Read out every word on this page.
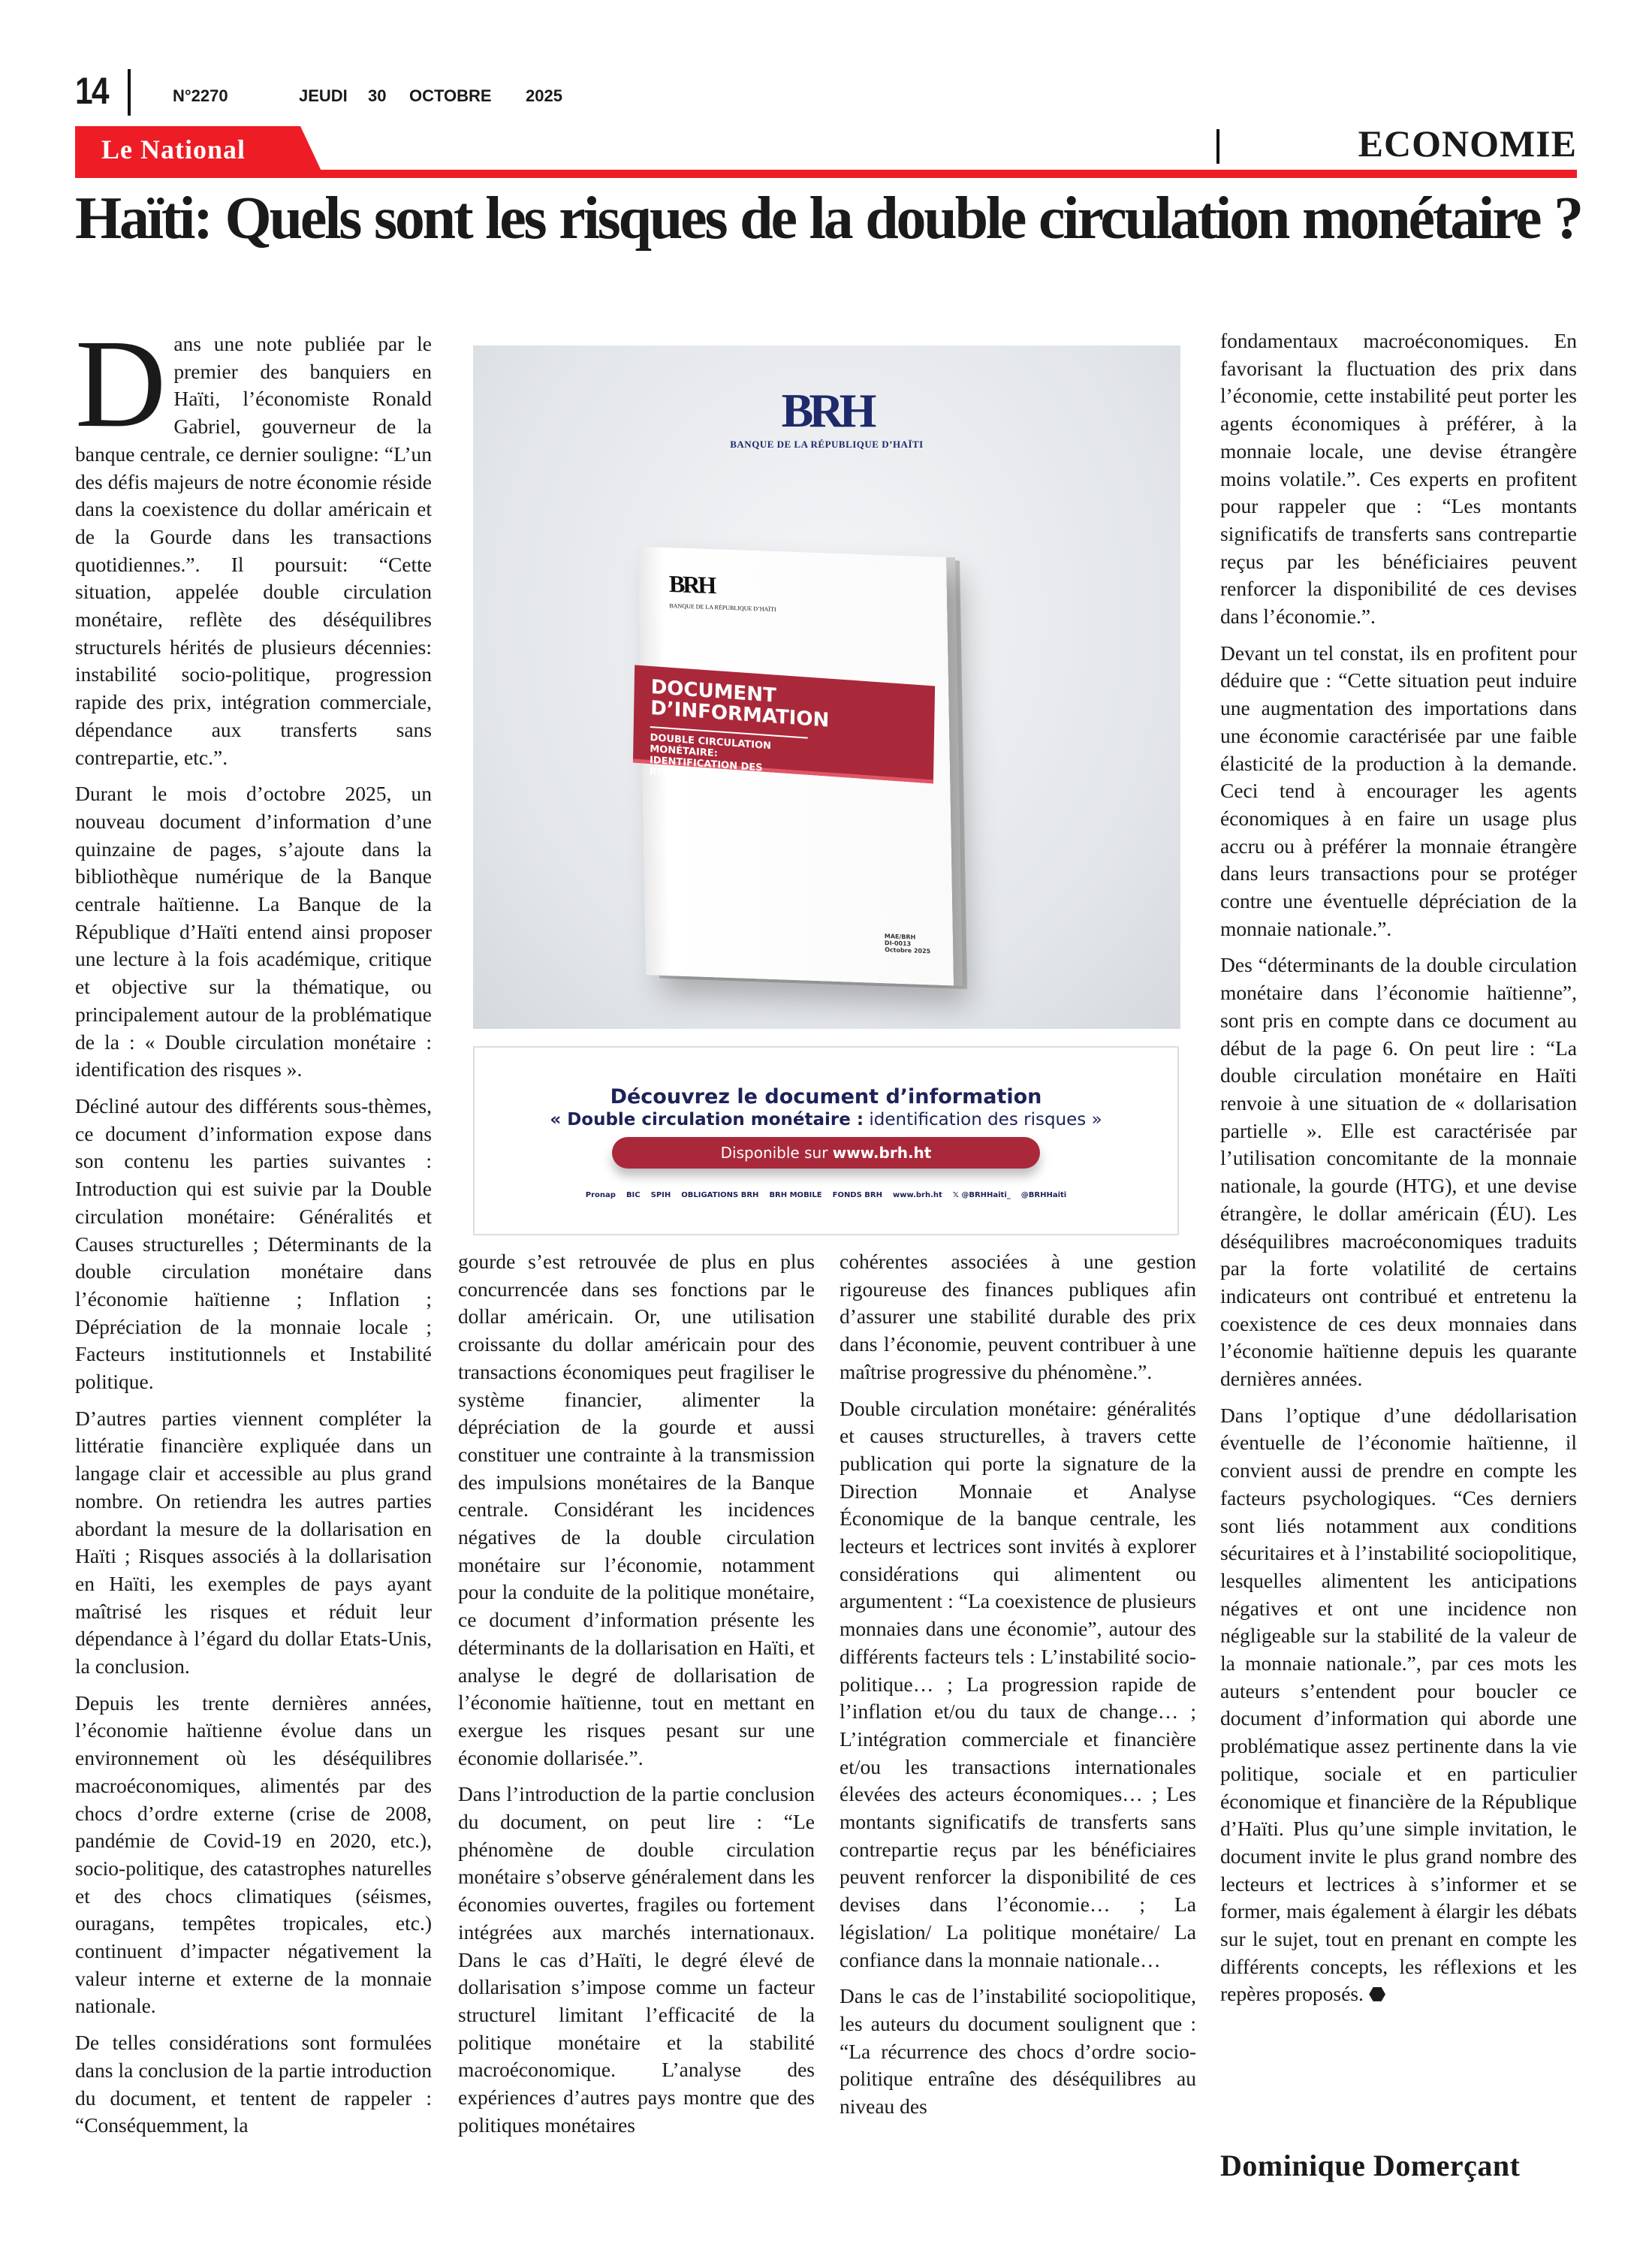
14	N°2270	JEUDI 30 OCTOBRE 2025
Le National	ECONOMIE
Haïti: Quels sont les risques de la double circulation monétaire ?

Dans une note publiée par le premier des banquiers en Haïti, l’économiste Ronald Gabriel, gouverneur de la banque centrale, ce dernier souligne: “L’un des défis majeurs de notre économie réside dans la coexistence du dollar américain et de la Gourde dans les transactions quotidiennes.”. Il poursuit: “Cette situation, appelée double circulation monétaire, reflète des déséquilibres structurels hérités de plusieurs décennies: instabilité socio-politique, progression rapide des prix, intégration commerciale, dépendance aux transferts sans contrepartie, etc.”.

Durant le mois d’octobre 2025, un nouveau document d’information d’une quinzaine de pages, s’ajoute dans la bibliothèque numérique de la Banque centrale haïtienne. La Banque de la République d’Haïti entend ainsi proposer une lecture à la fois académique, critique et objective sur la thématique, ou principalement autour de la problématique de la : « Double circulation monétaire : identification des risques ».

Décliné autour des différents sous-thèmes, ce document d’information expose dans son contenu les parties suivantes : Introduction qui est suivie par la Double circulation monétaire: Généralités et Causes structurelles ; Déterminants de la double circulation monétaire dans l’économie haïtienne ; Inflation ; Dépréciation de la monnaie locale ; Facteurs institutionnels et Instabilité politique.

D’autres parties viennent compléter la littératie financière expliquée dans un langage clair et accessible au plus grand nombre. On retiendra les autres parties abordant la mesure de la dollarisation en Haïti ; Risques associés à la dollarisation en Haïti, les exemples de pays ayant maîtrisé les risques et réduit leur dépendance à l’égard du dollar Etats-Unis, la conclusion.

Depuis les trente dernières années, l’économie haïtienne évolue dans un environnement où les déséquilibres macroéconomiques, alimentés par des chocs d’ordre externe (crise de 2008, pandémie de Covid-19 en 2020, etc.), socio-politique, des catastrophes naturelles et des chocs climatiques (séismes, ouragans, tempêtes tropicales, etc.) continuent d’impacter négativement la valeur interne et externe de la monnaie nationale.

De telles considérations sont formulées dans la conclusion de la partie introduction du document, et tentent de rappeler : “Conséquemment, la

BRH
BANQUE DE LA RÉPUBLIQUE D’HAÏTI
BRH
BANQUE DE LA RÉPUBLIQUE D’HAÏTI
DOCUMENT D’INFORMATION
DOUBLE CIRCULATION MONÉTAIRE: IDENTIFICATION DES RISQUES
MAE/BRH
DI-0013
Octobre 2025
Découvrez le document d’information
« Double circulation monétaire : identification des risques »
Disponible sur www.brh.ht
Pronap BIC SPIH OBLIGATIONS BRH BRH MOBILE FONDS BRH www.brh.ht 𝕏 @BRHHaiti_ @BRHHaiti

gourde s’est retrouvée de plus en plus concurrencée dans ses fonctions par le dollar américain. Or, une utilisation croissante du dollar américain pour des transactions économiques peut fragiliser le système financier, alimenter la dépréciation de la gourde et aussi constituer une contrainte à la transmission des impulsions monétaires de la Banque centrale. Considérant les incidences négatives de la double circulation monétaire sur l’économie, notamment pour la conduite de la politique monétaire, ce document d’information présente les déterminants de la dollarisation en Haïti, et analyse le degré de dollarisation de l’économie haïtienne, tout en mettant en exergue les risques pesant sur une économie dollarisée.”.

Dans l’introduction de la partie conclusion du document, on peut lire : “Le phénomène de double circulation monétaire s’observe généralement dans les économies ouvertes, fragiles ou fortement intégrées aux marchés internationaux. Dans le cas d’Haïti, le degré élevé de dollarisation s’impose comme un facteur structurel limitant l’efficacité de la politique monétaire et la stabilité macroéconomique. L’analyse des expériences d’autres pays montre que des politiques monétaires

cohérentes associées à une gestion rigoureuse des finances publiques afin d’assurer une stabilité durable des prix dans l’économie, peuvent contribuer à une maîtrise progressive du phénomène.”.

Double circulation monétaire: généralités et causes structurelles, à travers cette publication qui porte la signature de la Direction Monnaie et Analyse Économique de la banque centrale, les lecteurs et lectrices sont invités à explorer considérations qui alimentent ou argumentent : “La coexistence de plusieurs monnaies dans une économie”, autour des différents facteurs tels : L’instabilité socio-politique… ; La progression rapide de l’inflation et/ou du taux de change… ; L’intégration commerciale et financière et/ou les transactions internationales élevées des acteurs économiques… ; Les montants significatifs de transferts sans contrepartie reçus par les bénéficiaires peuvent renforcer la disponibilité de ces devises dans l’économie… ; La législation/ La politique monétaire/ La confiance dans la monnaie nationale…

Dans le cas de l’instabilité sociopolitique, les auteurs du document soulignent que : “La récurrence des chocs d’ordre socio-politique entraîne des déséquilibres au niveau des

fondamentaux macroéconomiques. En favorisant la fluctuation des prix dans l’économie, cette instabilité peut porter les agents économiques à préférer, à la monnaie locale, une devise étrangère moins volatile.”. Ces experts en profitent pour rappeler que : “Les montants significatifs de transferts sans contrepartie reçus par les bénéficiaires peuvent renforcer la disponibilité de ces devises dans l’économie.”.

Devant un tel constat, ils en profitent pour déduire que : “Cette situation peut induire une augmentation des importations dans une économie caractérisée par une faible élasticité de la production à la demande. Ceci tend à encourager les agents économiques à en faire un usage plus accru ou à préférer la monnaie étrangère dans leurs transactions pour se protéger contre une éventuelle dépréciation de la monnaie nationale.”.

Des “déterminants de la double circulation monétaire dans l’économie haïtienne”, sont pris en compte dans ce document au début de la page 6. On peut lire : “La double circulation monétaire en Haïti renvoie à une situation de « dollarisation partielle ». Elle est caractérisée par l’utilisation concomitante de la monnaie nationale, la gourde (HTG), et une devise étrangère, le dollar américain (ÉU). Les déséquilibres macroéconomiques traduits par la forte volatilité de certains indicateurs ont contribué et entretenu la coexistence de ces deux monnaies dans l’économie haïtienne depuis les quarante dernières années.

Dans l’optique d’une dédollarisation éventuelle de l’économie haïtienne, il convient aussi de prendre en compte les facteurs psychologiques. “Ces derniers sont liés notamment aux conditions sécuritaires et à l’instabilité sociopolitique, lesquelles alimentent les anticipations négatives et ont une incidence non négligeable sur la stabilité de la valeur de la monnaie nationale.”, par ces mots les auteurs s’entendent pour boucler ce document d’information qui aborde une problématique assez pertinente dans la vie politique, sociale et en particulier économique et financière de la République d’Haïti. Plus qu’une simple invitation, le document invite le plus grand nombre des lecteurs et lectrices à s’informer et se former, mais également à élargir les débats sur le sujet, tout en prenant en compte les différents concepts, les réflexions et les repères proposés. ⬣

Dominique Domerçant
